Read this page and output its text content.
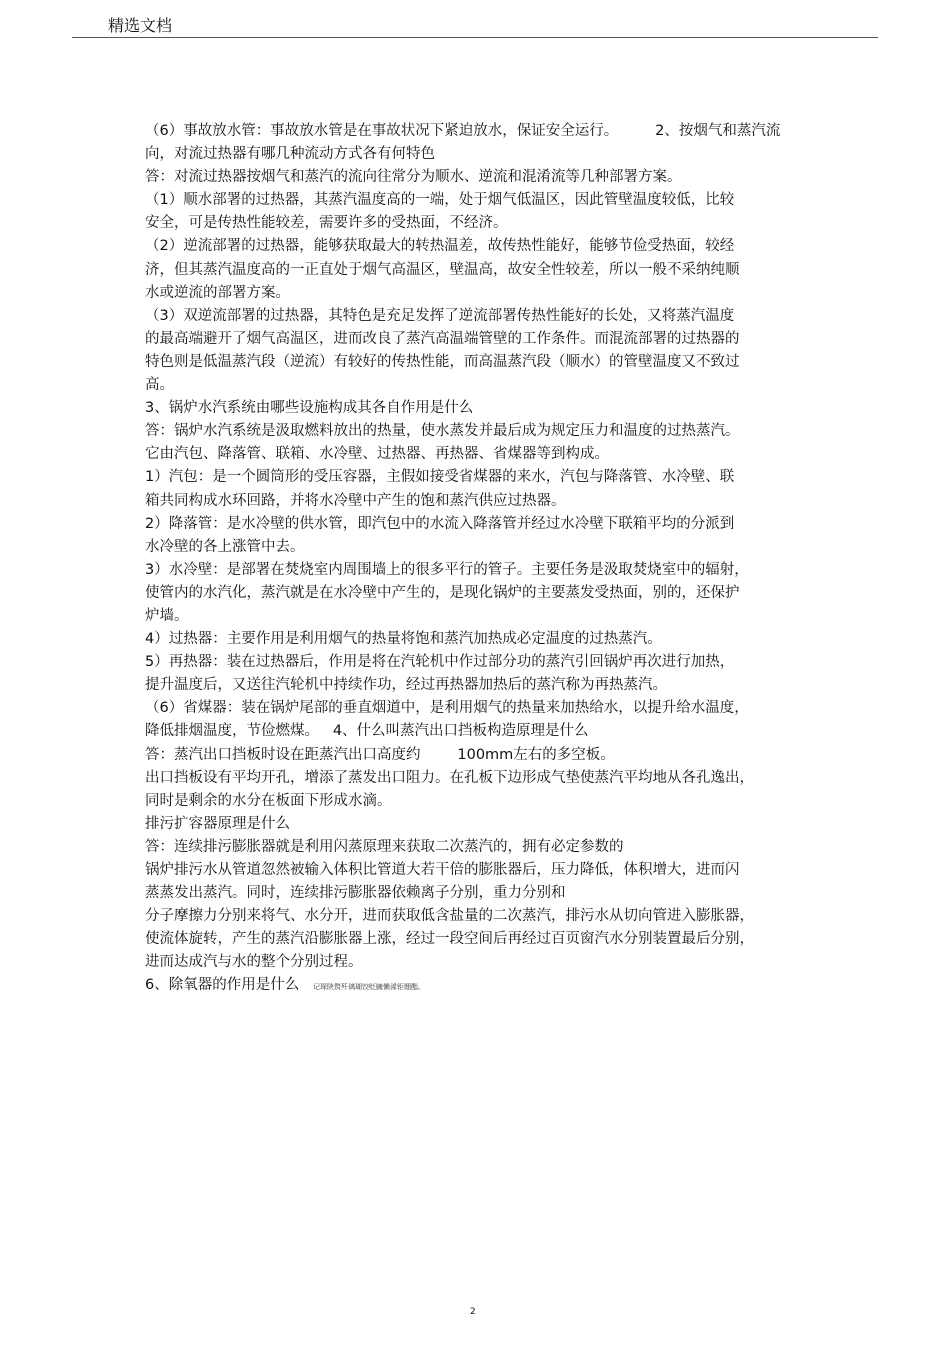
精选文档
（6）事故放水管：事故放水管是在事故状况下紧迫放水，保证安全运行。        2、按烟气和蒸汽流
向，对流过热器有哪几种流动方式各有何特色
答：对流过热器按烟气和蒸汽的流向往常分为顺水、逆流和混淆流等几种部署方案。
（1）顺水部署的过热器，其蒸汽温度高的一端，处于烟气低温区，因此管壁温度较低，比较
安全，可是传热性能较差，需要许多的受热面，不经济。
（2）逆流部署的过热器，能够获取最大的转热温差，故传热性能好，能够节俭受热面，较经
济，但其蒸汽温度高的一正直处于烟气高温区，壁温高，故安全性较差，所以一般不采纳纯顺
水或逆流的部署方案。
（3）双逆流部署的过热器，其特色是充足发挥了逆流部署传热性能好的长处，又将蒸汽温度
的最高端避开了烟气高温区，进而改良了蒸汽高温端管壁的工作条件。而混流部署的过热器的
特色则是低温蒸汽段（逆流）有较好的传热性能，而高温蒸汽段（顺水）的管壁温度又不致过
高。
3、锅炉水汽系统由哪些设施构成其各自作用是什么
答：锅炉水汽系统是汲取燃料放出的热量，使水蒸发并最后成为规定压力和温度的过热蒸汽。
它由汽包、降落管、联箱、水冷壁、过热器、再热器、省煤器等到构成。
1）汽包：是一个圆筒形的受压容器，主假如接受省煤器的来水，汽包与降落管、水冷壁、联
箱共同构成水环回路，并将水冷壁中产生的饱和蒸汽供应过热器。
2）降落管：是水冷壁的供水管，即汽包中的水流入降落管并经过水冷壁下联箱平均的分派到
水冷壁的各上涨管中去。
3）水冷壁：是部署在焚烧室内周围墙上的很多平行的管子。主要任务是汲取焚烧室中的辐射，
使管内的水汽化，蒸汽就是在水冷壁中产生的，是现化锅炉的主要蒸发受热面，别的，还保护
炉墙。
4）过热器：主要作用是利用烟气的热量将饱和蒸汽加热成必定温度的过热蒸汽。
5）再热器：装在过热器后，作用是将在汽轮机中作过部分功的蒸汽引回锅炉再次进行加热，
提升温度后，又送往汽轮机中持续作功，经过再热器加热后的蒸汽称为再热蒸汽。
（6）省煤器：装在锅炉尾部的垂直烟道中，是利用烟气的热量来加热给水，以提升给水温度，
降低排烟温度，节俭燃煤。   4、什么叫蒸汽出口挡板构造原理是什么
答：蒸汽出口挡板时设在距蒸汽出口高度约        100mm左右的多空板。
出口挡板设有平均开孔，增添了蒸发出口阻力。在孔板下边形成气垫使蒸汽平均地从各孔逸出，
同时是剩余的水分在板面下形成水滴。
排污扩容器原理是什么
答：连续排污膨胀器就是利用闪蒸原理来获取二次蒸汽的，拥有必定参数的
锅炉排污水从管道忽然被输入体积比管道大若干倍的膨胀器后，压力降低，体积增大，进而闪
蒸蒸发出蒸汽。同时，连续排污膨胀器依赖离子分别，重力分别和
分子摩擦力分别来将气、水分开，进而获取低含盐量的二次蒸汽，排污水从切向管进入膨胀器，
使流体旋转，产生的蒸汽沿膨胀器上涨，经过一段空间后再经过百页窗汽水分别装置最后分别，
进而达成汽与水的整个分别过程。
6、除氧器的作用是什么 记琛陕赘歼璃瑚饺贬臃懒浠钜绷酯。
2
